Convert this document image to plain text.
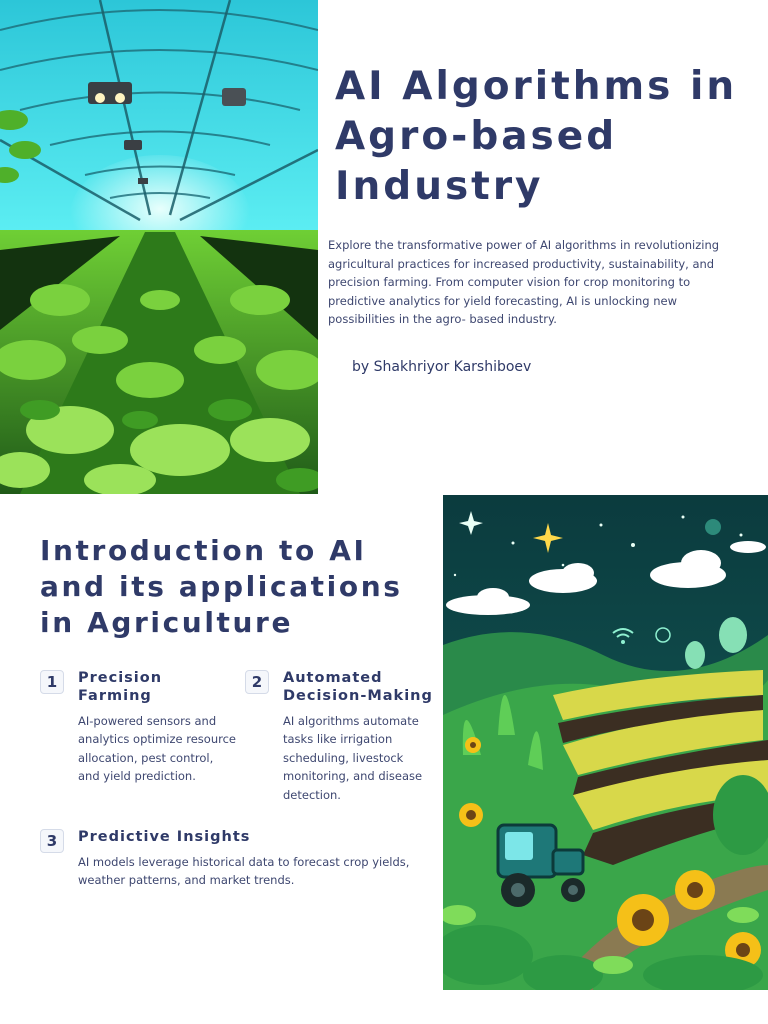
AI Algorithms in Agro-based Industry
Explore the transformative power of AI algorithms in revolutionizing agricultural practices for increased productivity, sustainability, and precision farming. From computer vision for crop monitoring to predictive analytics for yield forecasting, AI is unlocking new possibilities in the agro- based industry.
by Shakhriyor Karshiboev
Introduction to AI and its applications in Agriculture
1	Precision Farming
AI-powered sensors and analytics optimize resource allocation, pest control, and yield prediction.
2	Automated Decision-Making
AI algorithms automate tasks like irrigation scheduling, livestock monitoring, and disease detection.
3	Predictive Insights
AI models leverage historical data to forecast crop yields, weather patterns, and market trends.
